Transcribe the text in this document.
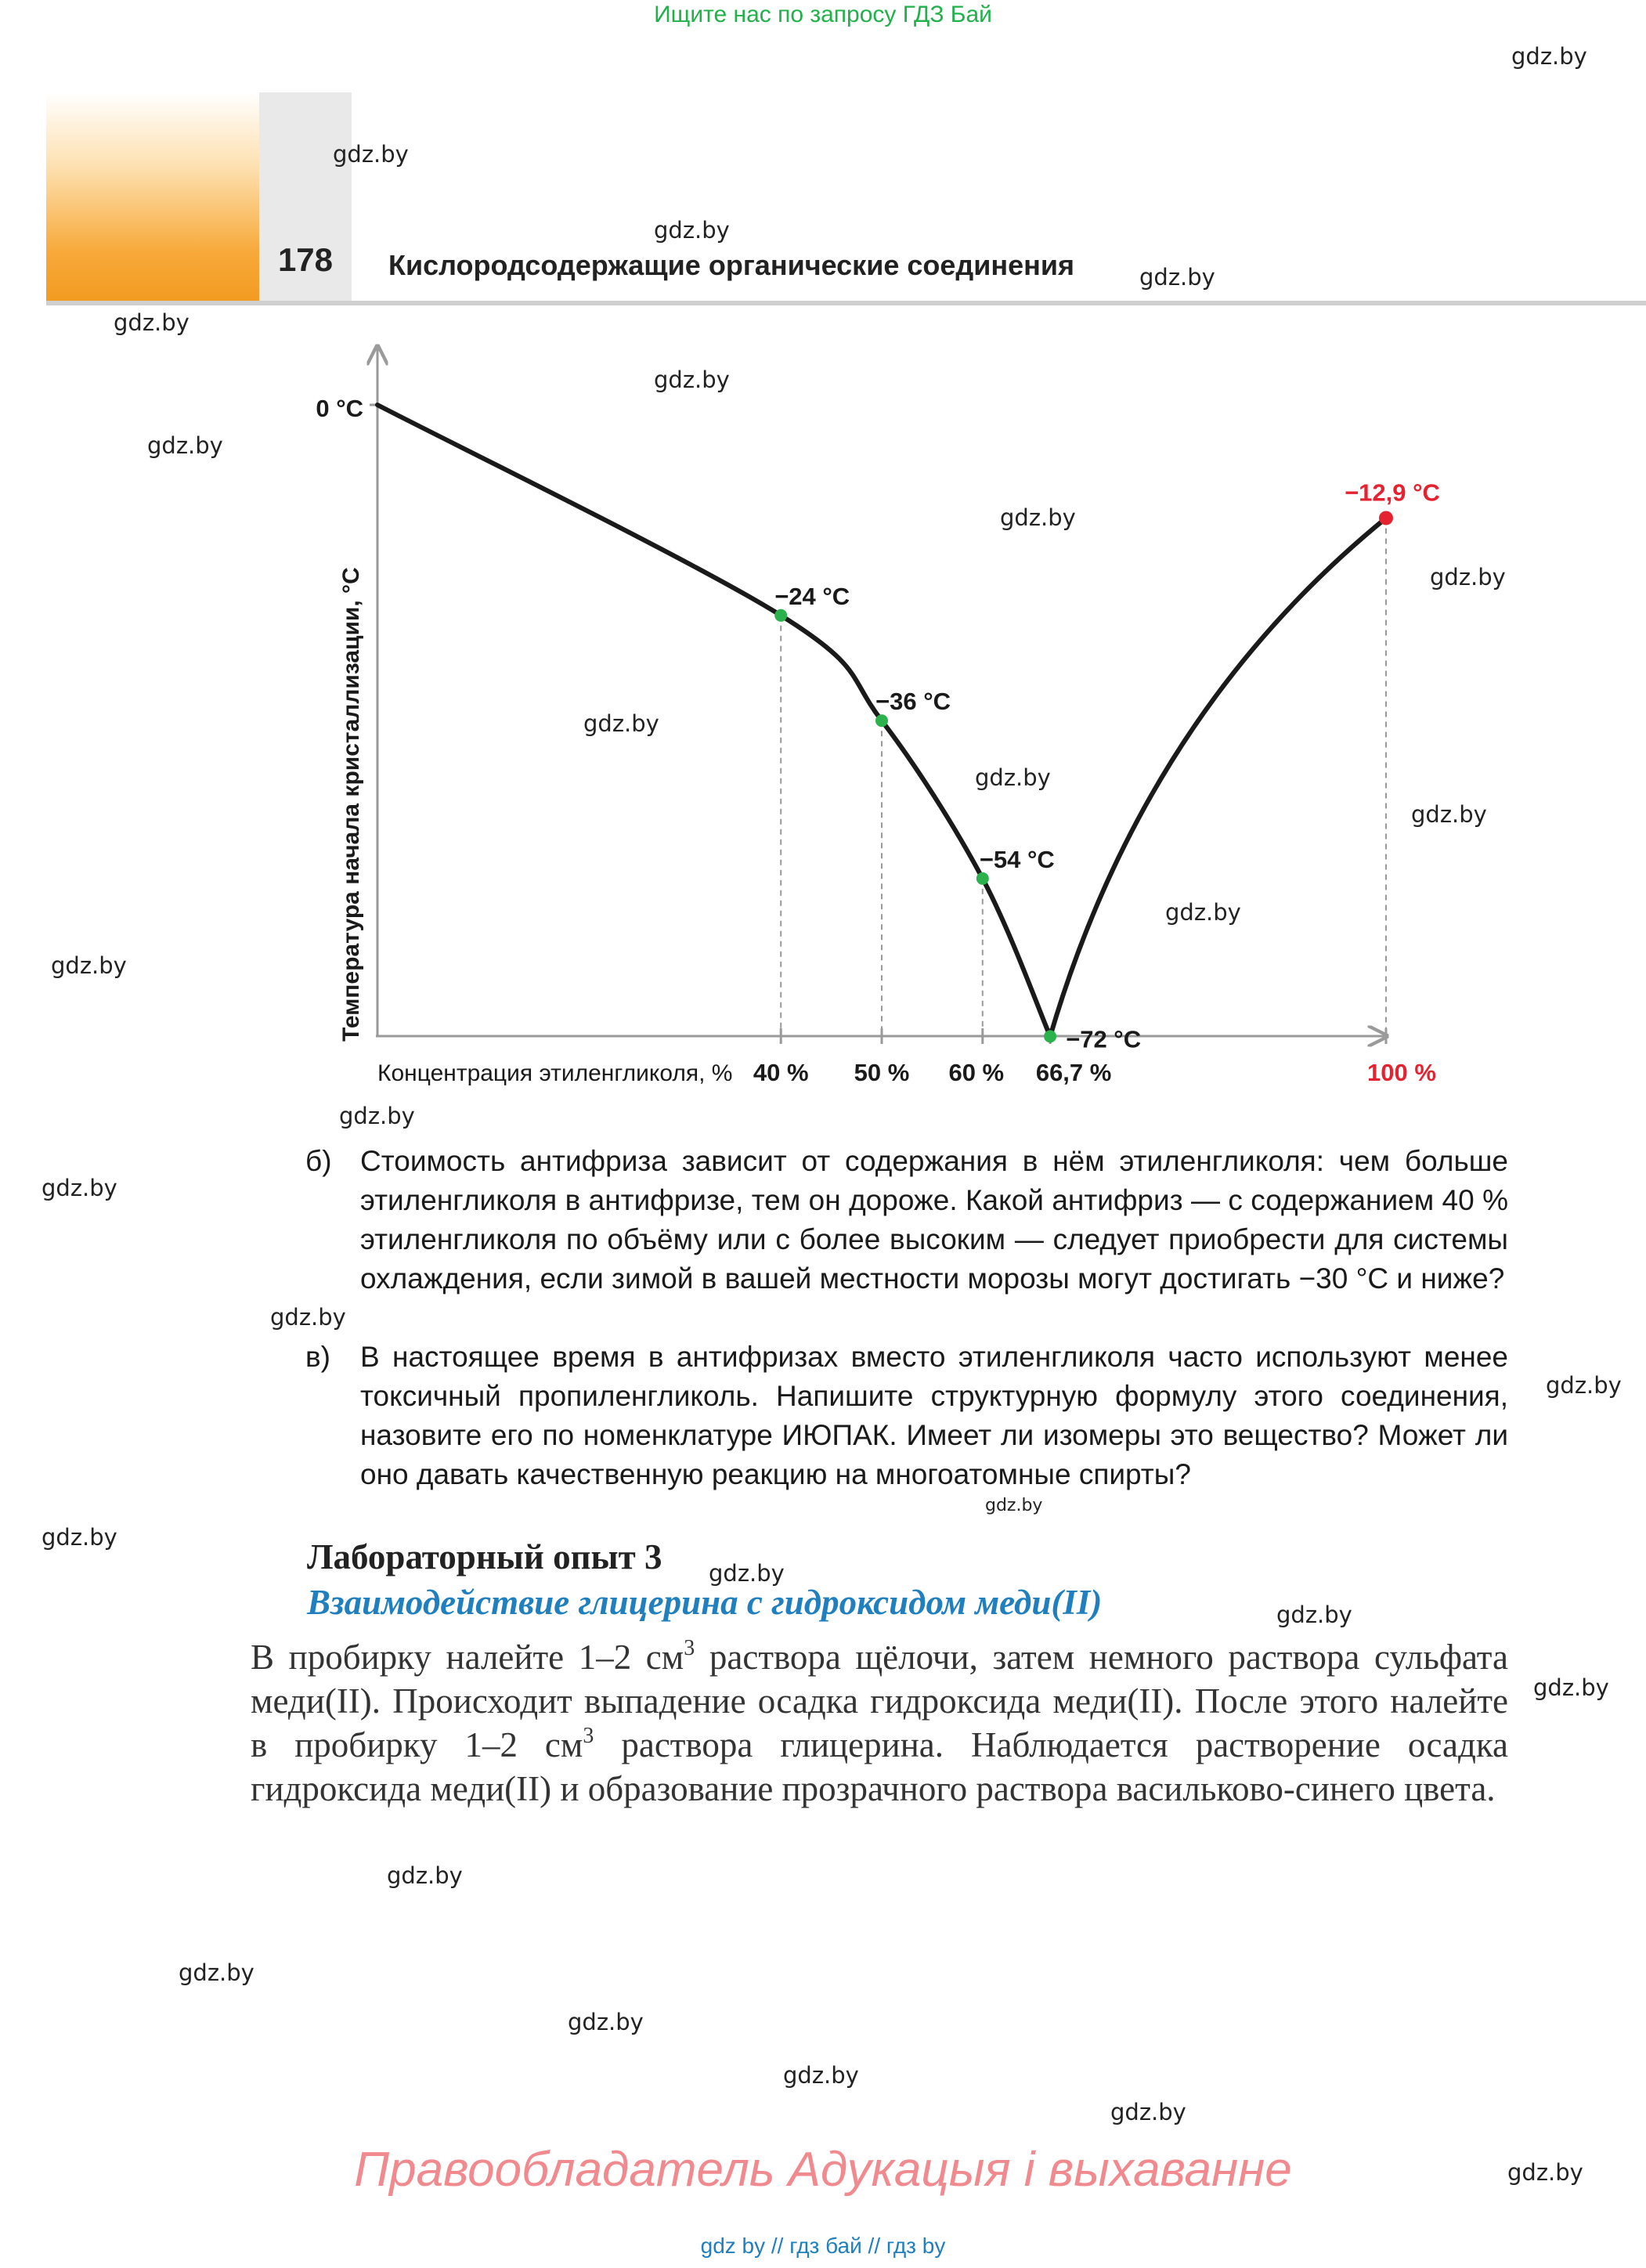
Ищите нас по запросу ГДЗ Бай
178	Кислородсодержащие органические соединения
40 % 50 % 60 % 66,7 %	100 %
−24 °С
−36 °С
−54 °С
−72 °С
−12,9 °С
0 °С
Концентрация этиленгликоля, %
Температура начала кристаллизации, °С
б) Стоимость антифриза зависит от содержания в нём этиленгликоля: чем больше этиленгликоля в антифризе, тем он дороже. Какой антифриз — с содержанием 40 % этиленгликоля по объёму или с более высоким — следует приобрести для системы охлаждения, если зимой в вашей местности морозы могут достигать −30 °С и ниже?
в) В настоящее время в антифризах вместо этиленгликоля часто используют менее токсичный пропиленгликоль. Напишите структурную формулу этого соединения, назовите его по номенклатуре ИЮПАК. Имеет ли изомеры это вещество? Может ли оно давать качественную реакцию на многоатомные спирты?
Лабораторный опыт 3
Взаимодействие глицерина с гидроксидом меди(II)
В пробирку налейте 1–2 $см^3$ раствора щёлочи, затем немного раствора сульфата меди(II). Происходит выпадение осадка гидроксида меди(II). После этого налейте в пробирку 1–2 $см^3$ раствора глицерина. Наблюдается растворение осадка гидроксида меди(II) и образование прозрачного раствора васильково-синего цвета.
gdz.by
gdz.by
gdz.by
gdz.by
gdz.by
gdz.by
gdz.by
gdz.by
gdz.by
gdz.by
gdz.by
gdz.by
gdz.by
gdz.by
gdz.by
gdz.by
gdz.by
gdz.by
gdz.by
gdz.by
gdz.by
gdz.by
gdz.by
gdz.by
gdz.by
gdz.by
gdz.by
gdz.by
gdz.by
Правообладатель Адукацыя і выхаванне
gdz by // гдз бай // гдз by
